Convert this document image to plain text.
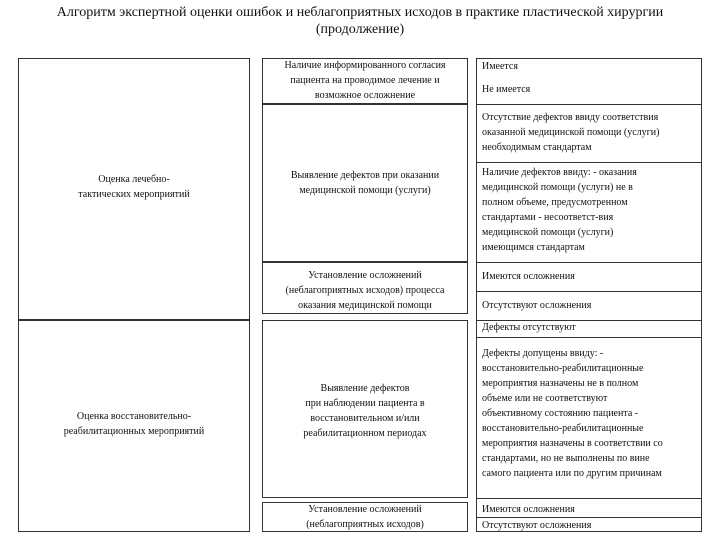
Алгоритм экспертной оценки ошибок и неблагоприятных исходов в практике пластической хирургии
(продолжение)
Оценка лечебно-
тактических мероприятий
Оценка восстановительно-
реабилитационных мероприятий
Наличие информированного согласия
пациента на проводимое лечение и
возможное осложнение
Выявление дефектов при оказании
медицинской помощи (услуги)
Установление осложнений
(неблагоприятных исходов) процесса
оказания медицинской помощи
Выявление дефектов
при наблюдении пациента в
восстановительном и/или
реабилитационном периодах
Установление осложнений
(неблагоприятных исходов)
Имеется
Не имеется
Отсутствие дефектов ввиду соответствия
оказанной медицинской помощи (услуги)
необходимым стандартам
Наличие дефектов ввиду: - оказания
медицинской помощи (услуги) не в
полном объеме, предусмотренном
стандартами - несоответст-вия
медицинской помощи (услуги)
имеющимся стандартам
Имеются осложнения
Отсутствуют осложнения
Дефекты отсутствуют
Дефекты допущены ввиду: -
восстановительно-реабилитационные
мероприятия назначены не в полном
объеме или не соответствуют
объективному состоянию пациента -
восстановительно-реабилитационные
мероприятия назначены в соответствии со
стандартами, но не выполнены по вине
самого пациента или по другим причинам
Имеются осложнения
Отсутствуют осложнения
